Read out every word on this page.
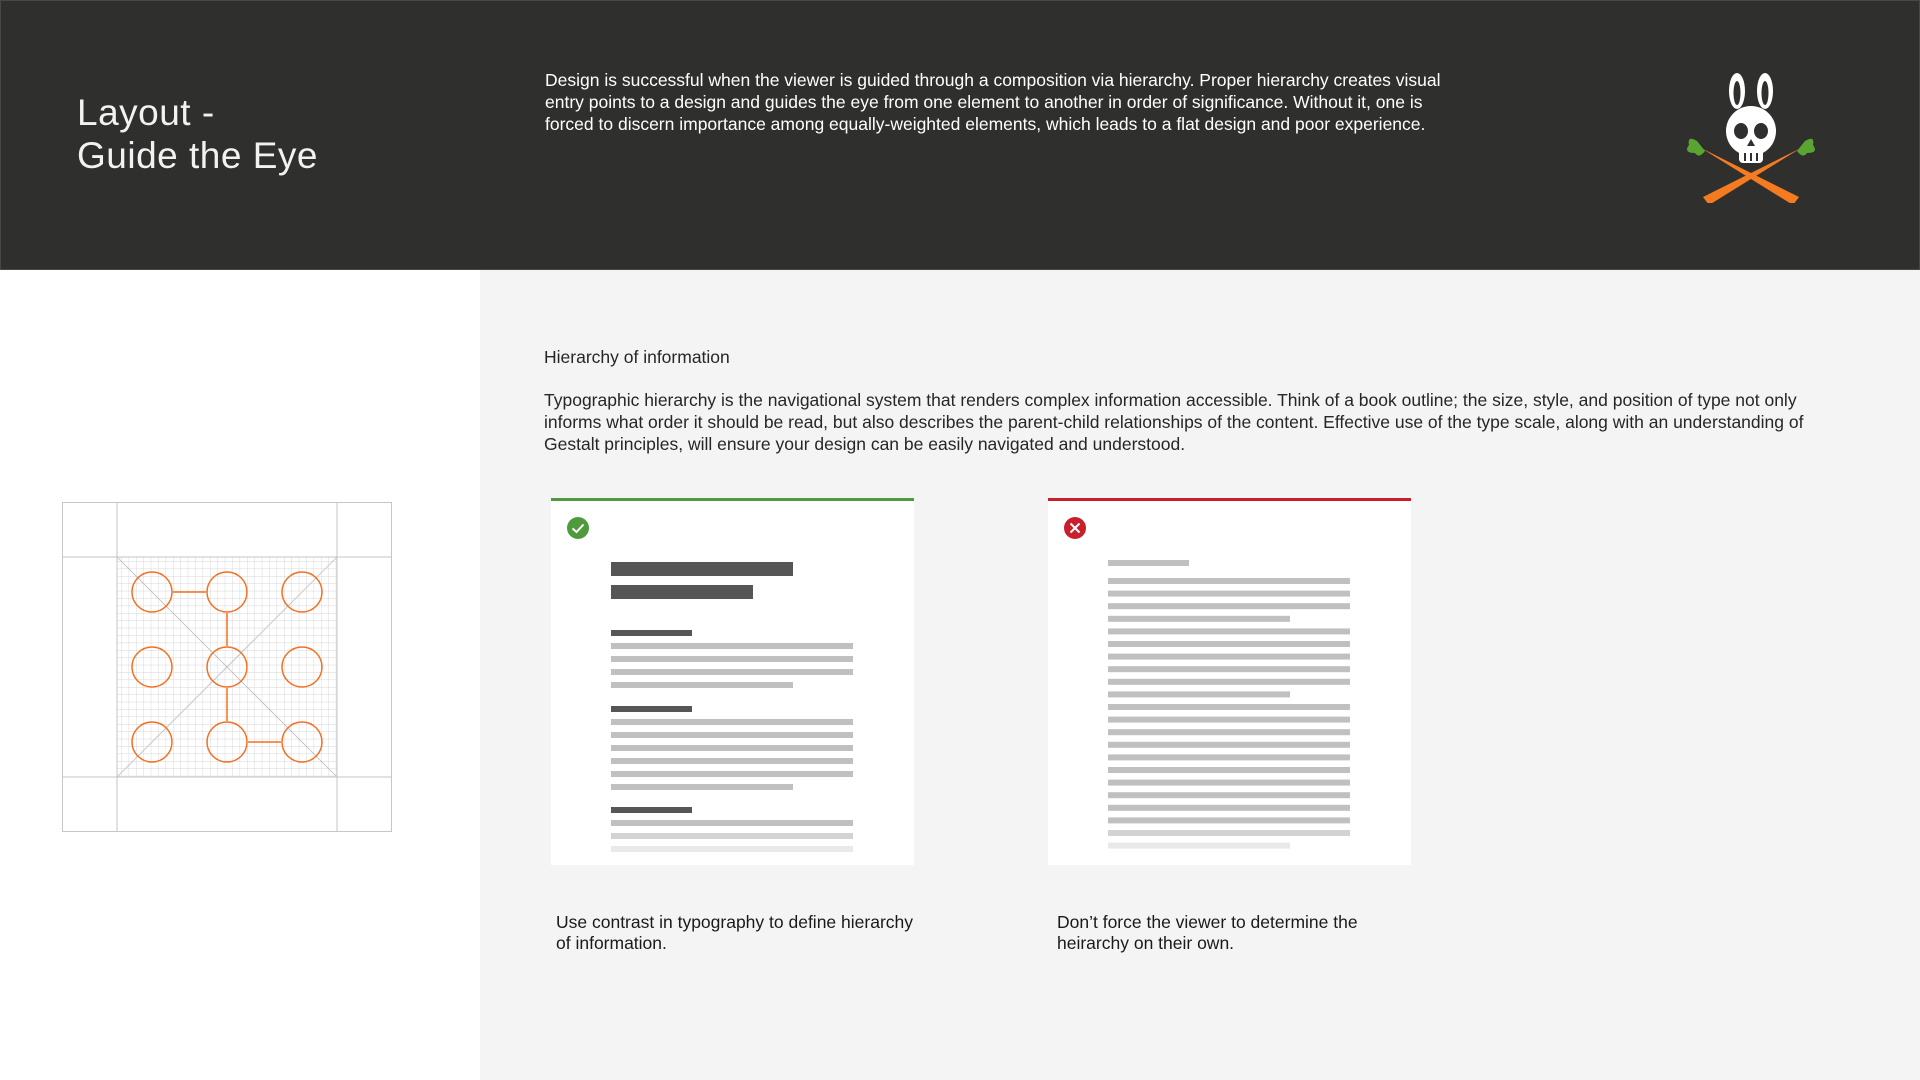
Layout -
Guide the Eye
Design is successful when the viewer is guided through a composition via hierarchy. Proper hierarchy creates visual entry points to a design and guides the eye from one element to another in order of significance. Without it, one is forced to discern importance among equally-weighted elements, which leads to a flat design and poor experience.
Hierarchy of information
Typographic hierarchy is the navigational system that renders complex information accessible. Think of a book outline; the size, style, and position of type not only informs what order it should be read, but also describes the parent-child relationships of the content. Effective use of the type scale, along with an understanding of Gestalt principles, will ensure your design can be easily navigated and understood.
Use contrast in typography to define hierarchy of information.
Don’t force the viewer to determine the heirarchy on their own.
